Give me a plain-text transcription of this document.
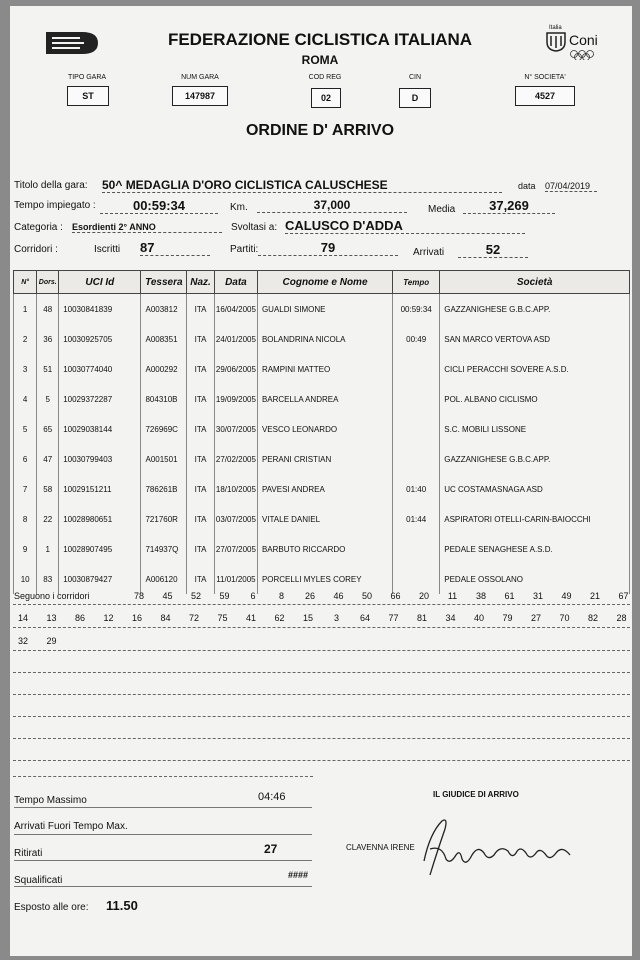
Italia
Coni
FEDERAZIONE CICLISTICA ITALIANA
ROMA
TIPO GARA
ST
NUM GARA
147987
COD REG
02
CIN
D
N° SOCIETA'
4527
ORDINE D' ARRIVO
Titolo della gara: 50^ MEDAGLIA D'ORO CICLISTICA CALUSCHESE	data 07/04/2019
Tempo impiegato :	00:59:34	Km.	37,000	Media	37,269
Categoria : Esordienti 2° ANNO	Svoltasi a: CALUSCO D'ADDA
Corridori :	Iscritti 87	Partiti:	79	Arrivati	52
N°	Dors.	UCI Id	Tessera	Naz.	Data	Cognome e Nome	Tempo	Società
1	48	10030841839	A003812	ITA	16/04/2005	GUALDI SIMONE	00:59:34	GAZZANIGHESE G.B.C.APP.
2	36	10030925705	A008351	ITA	24/01/2005	BOLANDRINA NICOLA	00:49	SAN MARCO VERTOVA ASD
3	51	10030774040	A000292	ITA	29/06/2005	RAMPINI MATTEO		CICLI PERACCHI SOVERE A.S.D.
4	5	10029372287	804310B	ITA	19/09/2005	BARCELLA ANDREA		POL. ALBANO CICLISMO
5	65	10029038144	726969C	ITA	30/07/2005	VESCO LEONARDO		S.C. MOBILI LISSONE
6	47	10030799403	A001501	ITA	27/02/2005	PERANI CRISTIAN		GAZZANIGHESE G.B.C.APP.
7	58	10029151211	786261B	ITA	18/10/2005	PAVESI ANDREA	01:40	UC COSTAMASNAGA ASD
8	22	10028980651	721760R	ITA	03/07/2005	VITALE DANIEL	01:44	ASPIRATORI OTELLI-CARIN-BAIOCCHI
9	1	10028907495	714937Q	ITA	27/07/2005	BARBUTO RICCARDO		PEDALE SENAGHESE A.S.D.
10	83	10030879427	A006120	ITA	11/01/2005	PORCELLI MYLES COREY		PEDALE OSSOLANO
Seguono i corridori	78	45	52	59	6	8	26	46	50	66	20	11	38	61	31	49	21	67
14	13	86	12	16	84	72	75	41	62	15	3	64	77	81	34	40	79	27	70	82	28
32	29
Tempo Massimo	04:46
Arrivati Fuori Tempo Max.
Ritirati	27
Squalificati	####
Esposto alle ore: 11.50
IL GIUDICE DI ARRIVO
CLAVENNA IRENE
